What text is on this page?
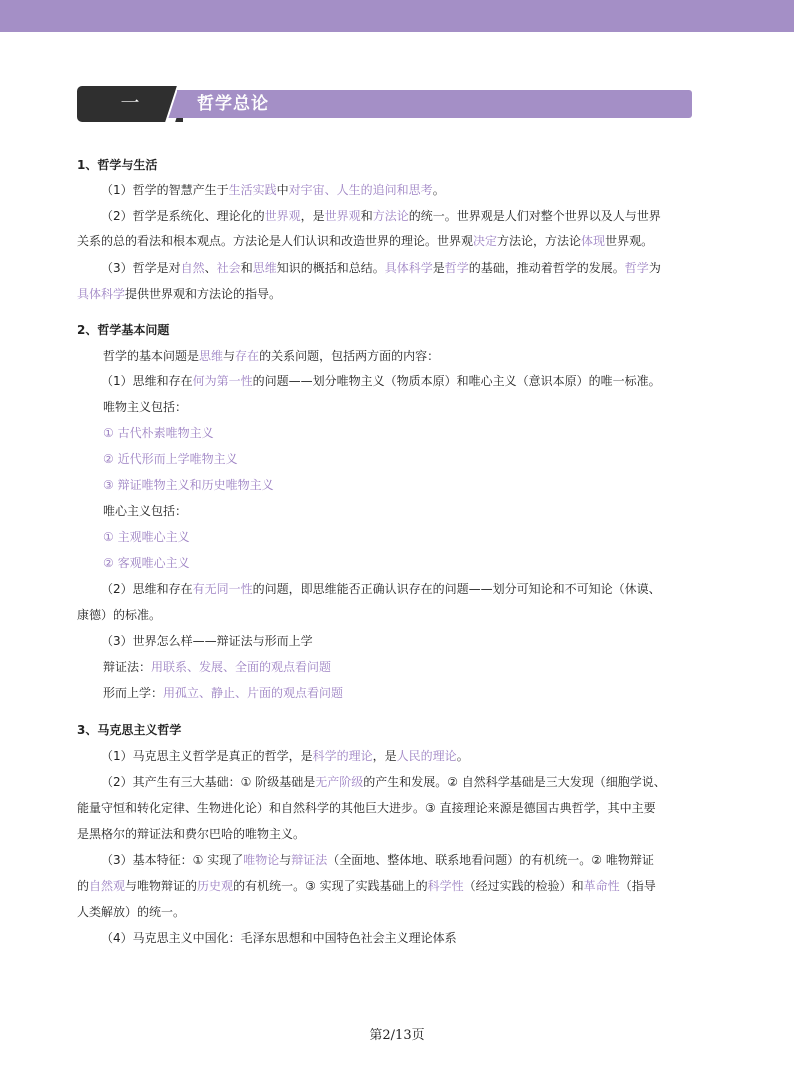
一	哲学总论
1、哲学与生活
（1）哲学的智慧产生于生活实践中对宇宙、人生的追问和思考。
（2）哲学是系统化、理论化的世界观，是世界观和方法论的统一。世界观是人们对整个世界以及人与世界
关系的总的看法和根本观点。方法论是人们认识和改造世界的理论。世界观决定方法论，方法论体现世界观。
（3）哲学是对自然、社会和思维知识的概括和总结。具体科学是哲学的基础，推动着哲学的发展。哲学为
具体科学提供世界观和方法论的指导。
2、哲学基本问题
哲学的基本问题是思维与存在的关系问题，包括两方面的内容：
（1）思维和存在何为第一性的问题——划分唯物主义（物质本原）和唯心主义（意识本原）的唯一标准。
唯物主义包括：
① 古代朴素唯物主义
② 近代形而上学唯物主义
③ 辩证唯物主义和历史唯物主义
唯心主义包括：
① 主观唯心主义
② 客观唯心主义
（2）思维和存在有无同一性的问题，即思维能否正确认识存在的问题——划分可知论和不可知论（休谟、
康德）的标准。
（3）世界怎么样——辩证法与形而上学
辩证法：用联系、发展、全面的观点看问题
形而上学：用孤立、静止、片面的观点看问题
3、马克思主义哲学
（1）马克思主义哲学是真正的哲学，是科学的理论，是人民的理论。
（2）其产生有三大基础：① 阶级基础是无产阶级的产生和发展。② 自然科学基础是三大发现（细胞学说、
能量守恒和转化定律、生物进化论）和自然科学的其他巨大进步。③ 直接理论来源是德国古典哲学，其中主要
是黑格尔的辩证法和费尔巴哈的唯物主义。
（3）基本特征：① 实现了唯物论与辩证法（全面地、整体地、联系地看问题）的有机统一。② 唯物辩证
的自然观与唯物辩证的历史观的有机统一。③ 实现了实践基础上的科学性（经过实践的检验）和革命性（指导
人类解放）的统一。
（4）马克思主义中国化：毛泽东思想和中国特色社会主义理论体系
第2/13页
